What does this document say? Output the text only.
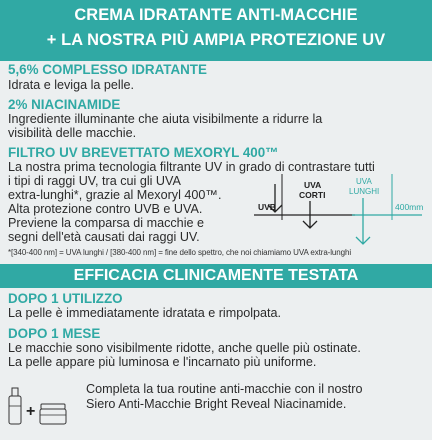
CREMA IDRATANTE ANTI-MACCHIE
+ LA NOSTRA PIÙ AMPIA PROTEZIONE UV
5,6% COMPLESSO IDRATANTE
Idrata e leviga la pelle.
2% NIACINAMIDE
Ingrediente illuminante che aiuta visibilmente a ridurre la
visibilità delle macchie.
FILTRO UV BREVETTATO MEXORYL 400™
La nostra prima tecnologia filtrante UV in grado di contrastare tutti
i tipi di raggi UV, tra cui gli UVA
extra-lunghi*, grazie al Mexoryl 400™.
Alta protezione contro UVB e UVA.
Previene la comparsa di macchie e
segni dell'età causati dai raggi UV.
UVB
UVA
CORTI
UVA
LUNGHI
400mm
*[340-400 nm] = UVA lunghi / [380-400 nm] = fine dello spettro, che noi chiamiamo UVA extra-lunghi
EFFICACIA CLINICAMENTE TESTATA
DOPO 1 UTILIZZO
La pelle è immediatamente idratata e rimpolpata.
DOPO 1 MESE
Le macchie sono visibilmente ridotte, anche quelle più ostinate.
La pelle appare più luminosa e l'incarnato più uniforme.
+
Completa la tua routine anti-macchie con il nostro
Siero Anti-Macchie Bright Reveal Niacinamide.
